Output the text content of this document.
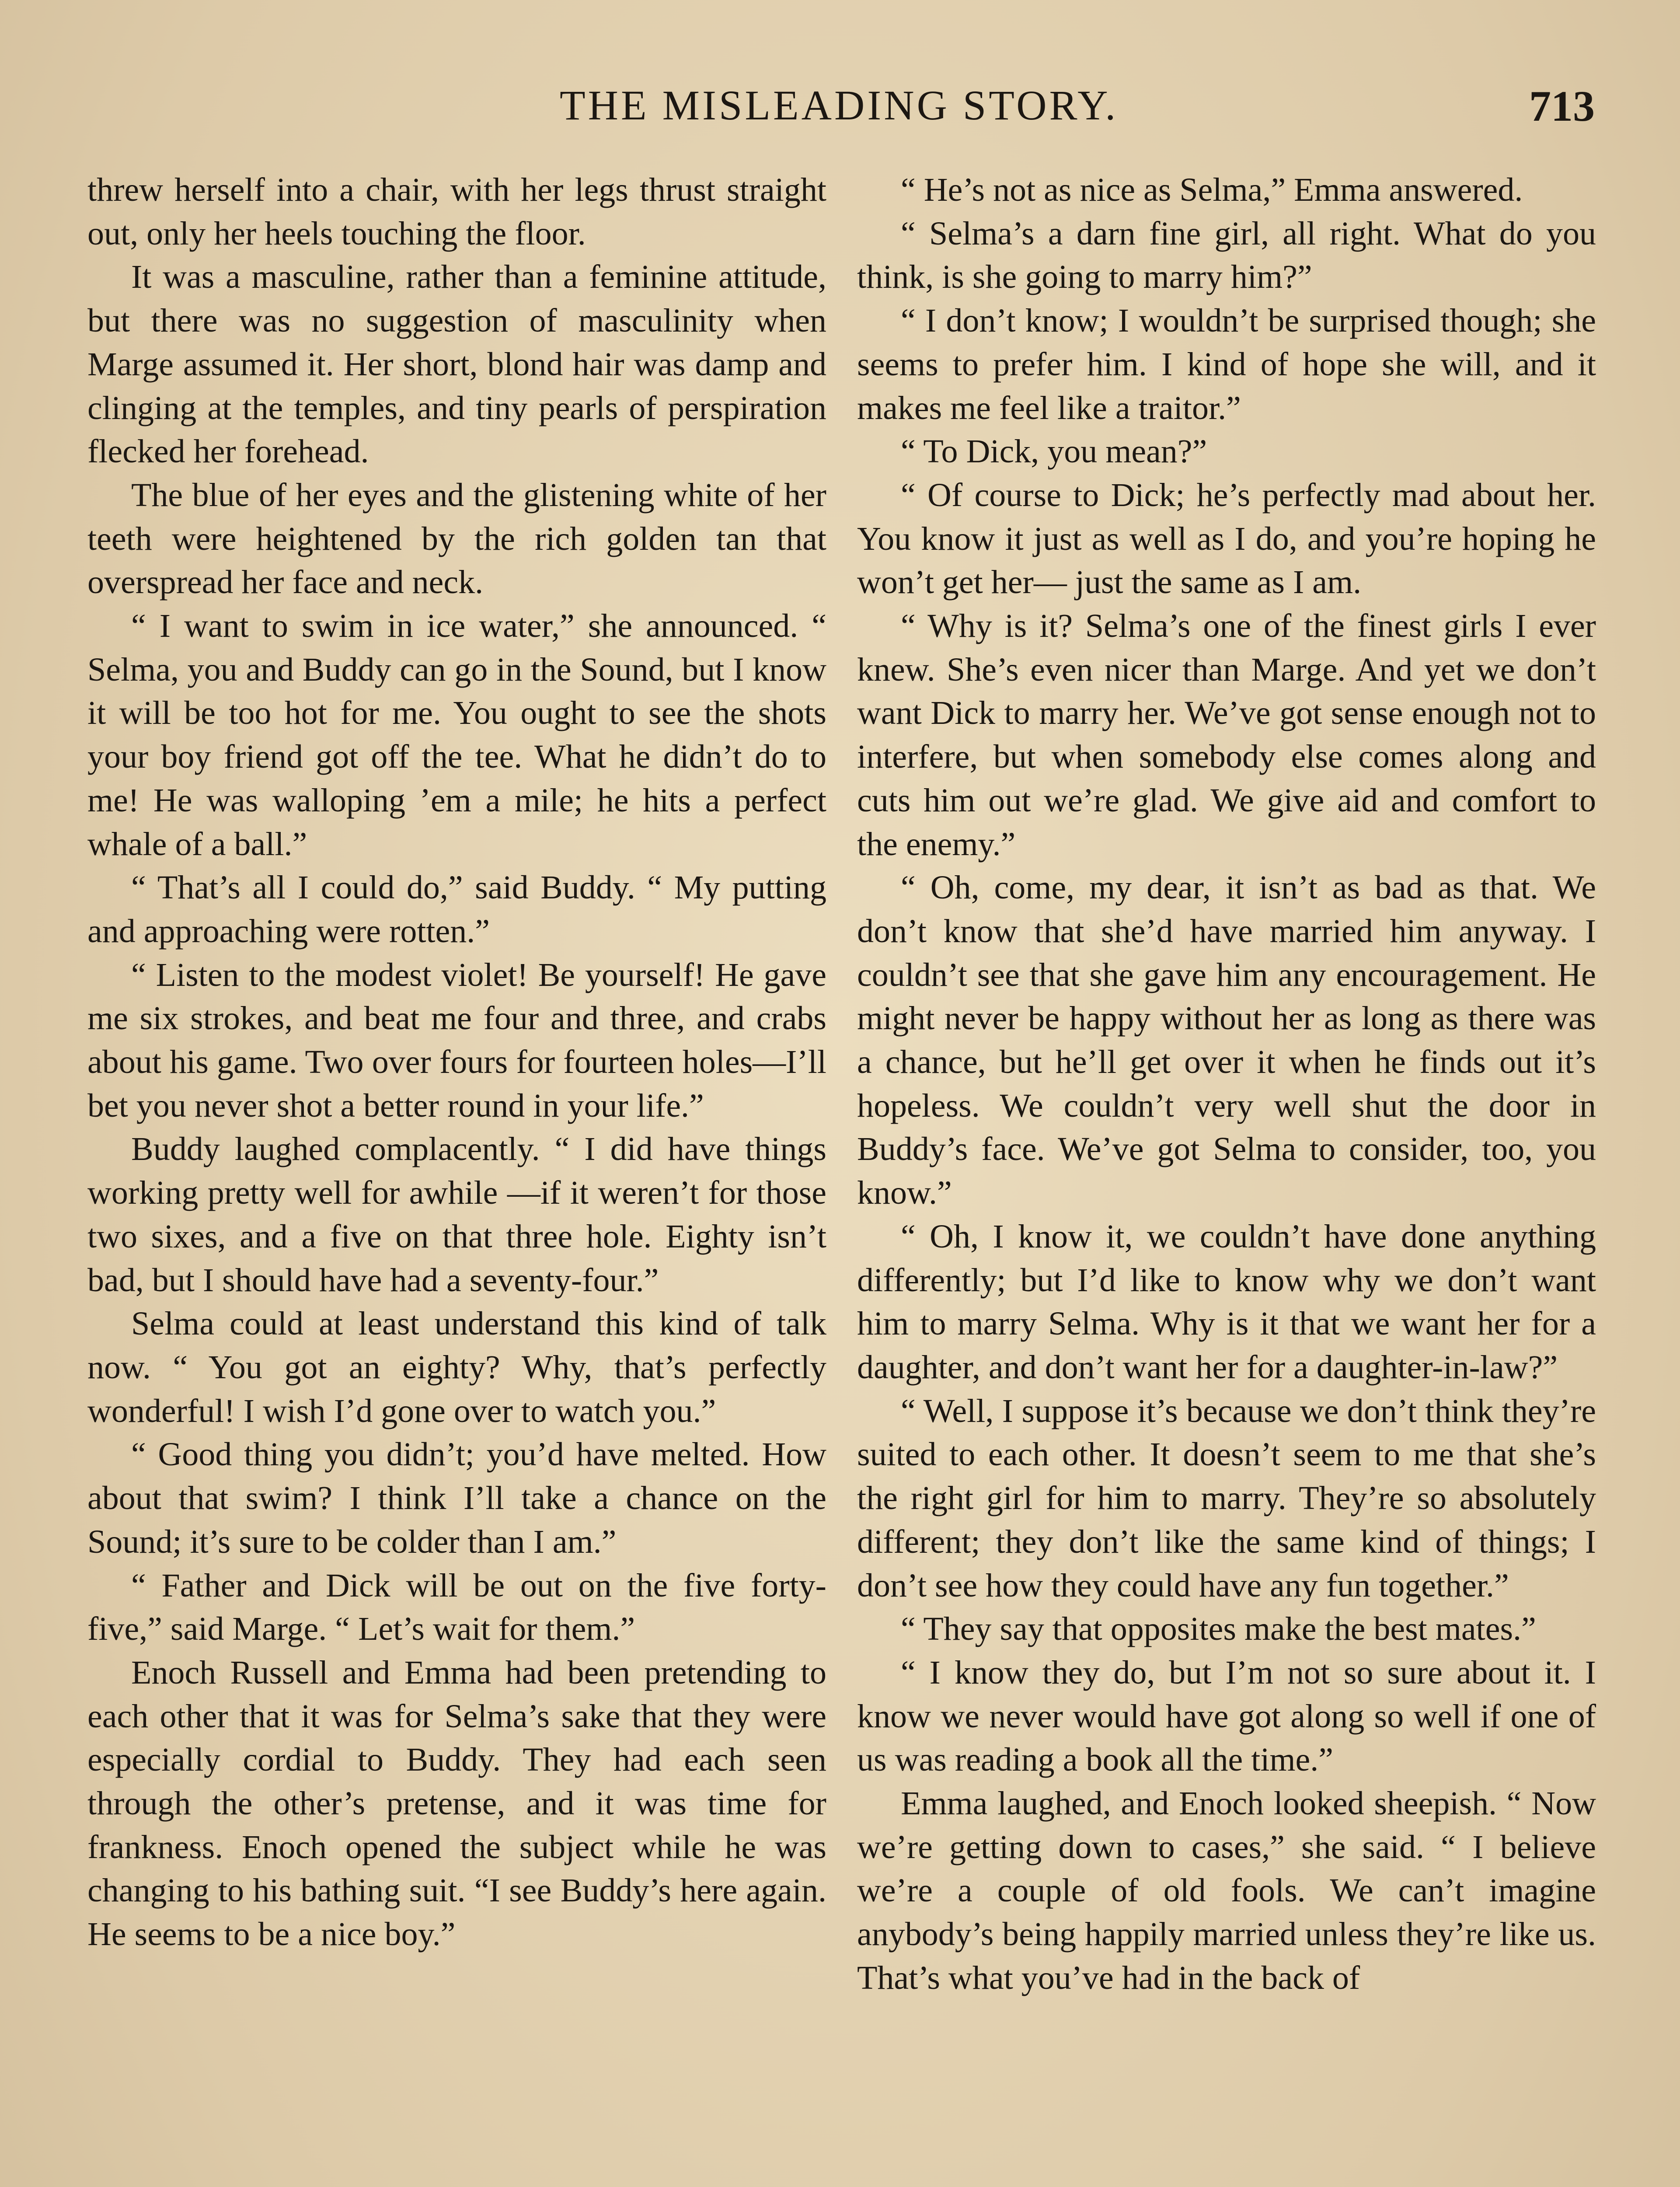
THE MISLEADING STORY.	713

threw herself into a chair, with her legs thrust straight out, only her heels touching the floor.

It was a masculine, rather than a feminine attitude, but there was no suggestion of masculinity when Marge assumed it. Her short, blond hair was damp and clinging at the temples, and tiny pearls of perspiration flecked her forehead.

The blue of her eyes and the glistening white of her teeth were heightened by the rich golden tan that overspread her face and neck.

“ I want to swim in ice water,” she announced. “ Selma, you and Buddy can go in the Sound, but I know it will be too hot for me. You ought to see the shots your boy friend got off the tee. What he didn’t do to me! He was walloping ’em a mile; he hits a perfect whale of a ball.”

“ That’s all I could do,” said Buddy. “ My putting and approaching were rotten.”

“ Listen to the modest violet! Be yourself! He gave me six strokes, and beat me four and three, and crabs about his game. Two over fours for fourteen holes—I’ll bet you never shot a better round in your life.”

Buddy laughed complacently. “ I did have things working pretty well for awhile —if it weren’t for those two sixes, and a five on that three hole. Eighty isn’t bad, but I should have had a seventy-four.”

Selma could at least understand this kind of talk now. “ You got an eighty? Why, that’s perfectly wonderful! I wish I’d gone over to watch you.”

“ Good thing you didn’t; you’d have melted. How about that swim? I think I’ll take a chance on the Sound; it’s sure to be colder than I am.”

“ Father and Dick will be out on the five forty-five,” said Marge. “ Let’s wait for them.”

Enoch Russell and Emma had been pretending to each other that it was for Selma’s sake that they were especially cordial to Buddy. They had each seen through the other’s pretense, and it was time for frankness. Enoch opened the subject while he was changing to his bathing suit. “I see Buddy’s here again. He seems to be a nice boy.”

“ He’s not as nice as Selma,” Emma answered.

“ Selma’s a darn fine girl, all right. What do you think, is she going to marry him?”

“ I don’t know; I wouldn’t be surprised though; she seems to prefer him. I kind of hope she will, and it makes me feel like a traitor.”

“ To Dick, you mean?”

“ Of course to Dick; he’s perfectly mad about her. You know it just as well as I do, and you’re hoping he won’t get her— just the same as I am.

“ Why is it? Selma’s one of the finest girls I ever knew. She’s even nicer than Marge. And yet we don’t want Dick to marry her. We’ve got sense enough not to interfere, but when somebody else comes along and cuts him out we’re glad. We give aid and comfort to the enemy.”

“ Oh, come, my dear, it isn’t as bad as that. We don’t know that she’d have married him anyway. I couldn’t see that she gave him any encouragement. He might never be happy without her as long as there was a chance, but he’ll get over it when he finds out it’s hopeless. We couldn’t very well shut the door in Buddy’s face. We’ve got Selma to consider, too, you know.”

“ Oh, I know it, we couldn’t have done anything differently; but I’d like to know why we don’t want him to marry Selma. Why is it that we want her for a daughter, and don’t want her for a daughter-in-law?”

“ Well, I suppose it’s because we don’t think they’re suited to each other. It doesn’t seem to me that she’s the right girl for him to marry. They’re so absolutely different; they don’t like the same kind of things; I don’t see how they could have any fun together.”

“ They say that opposites make the best mates.”

“ I know they do, but I’m not so sure about it. I know we never would have got along so well if one of us was reading a book all the time.”

Emma laughed, and Enoch looked sheepish. “ Now we’re getting down to cases,” she said. “ I believe we’re a couple of old fools. We can’t imagine anybody’s being happily married unless they’re like us. That’s what you’ve had in the back of
